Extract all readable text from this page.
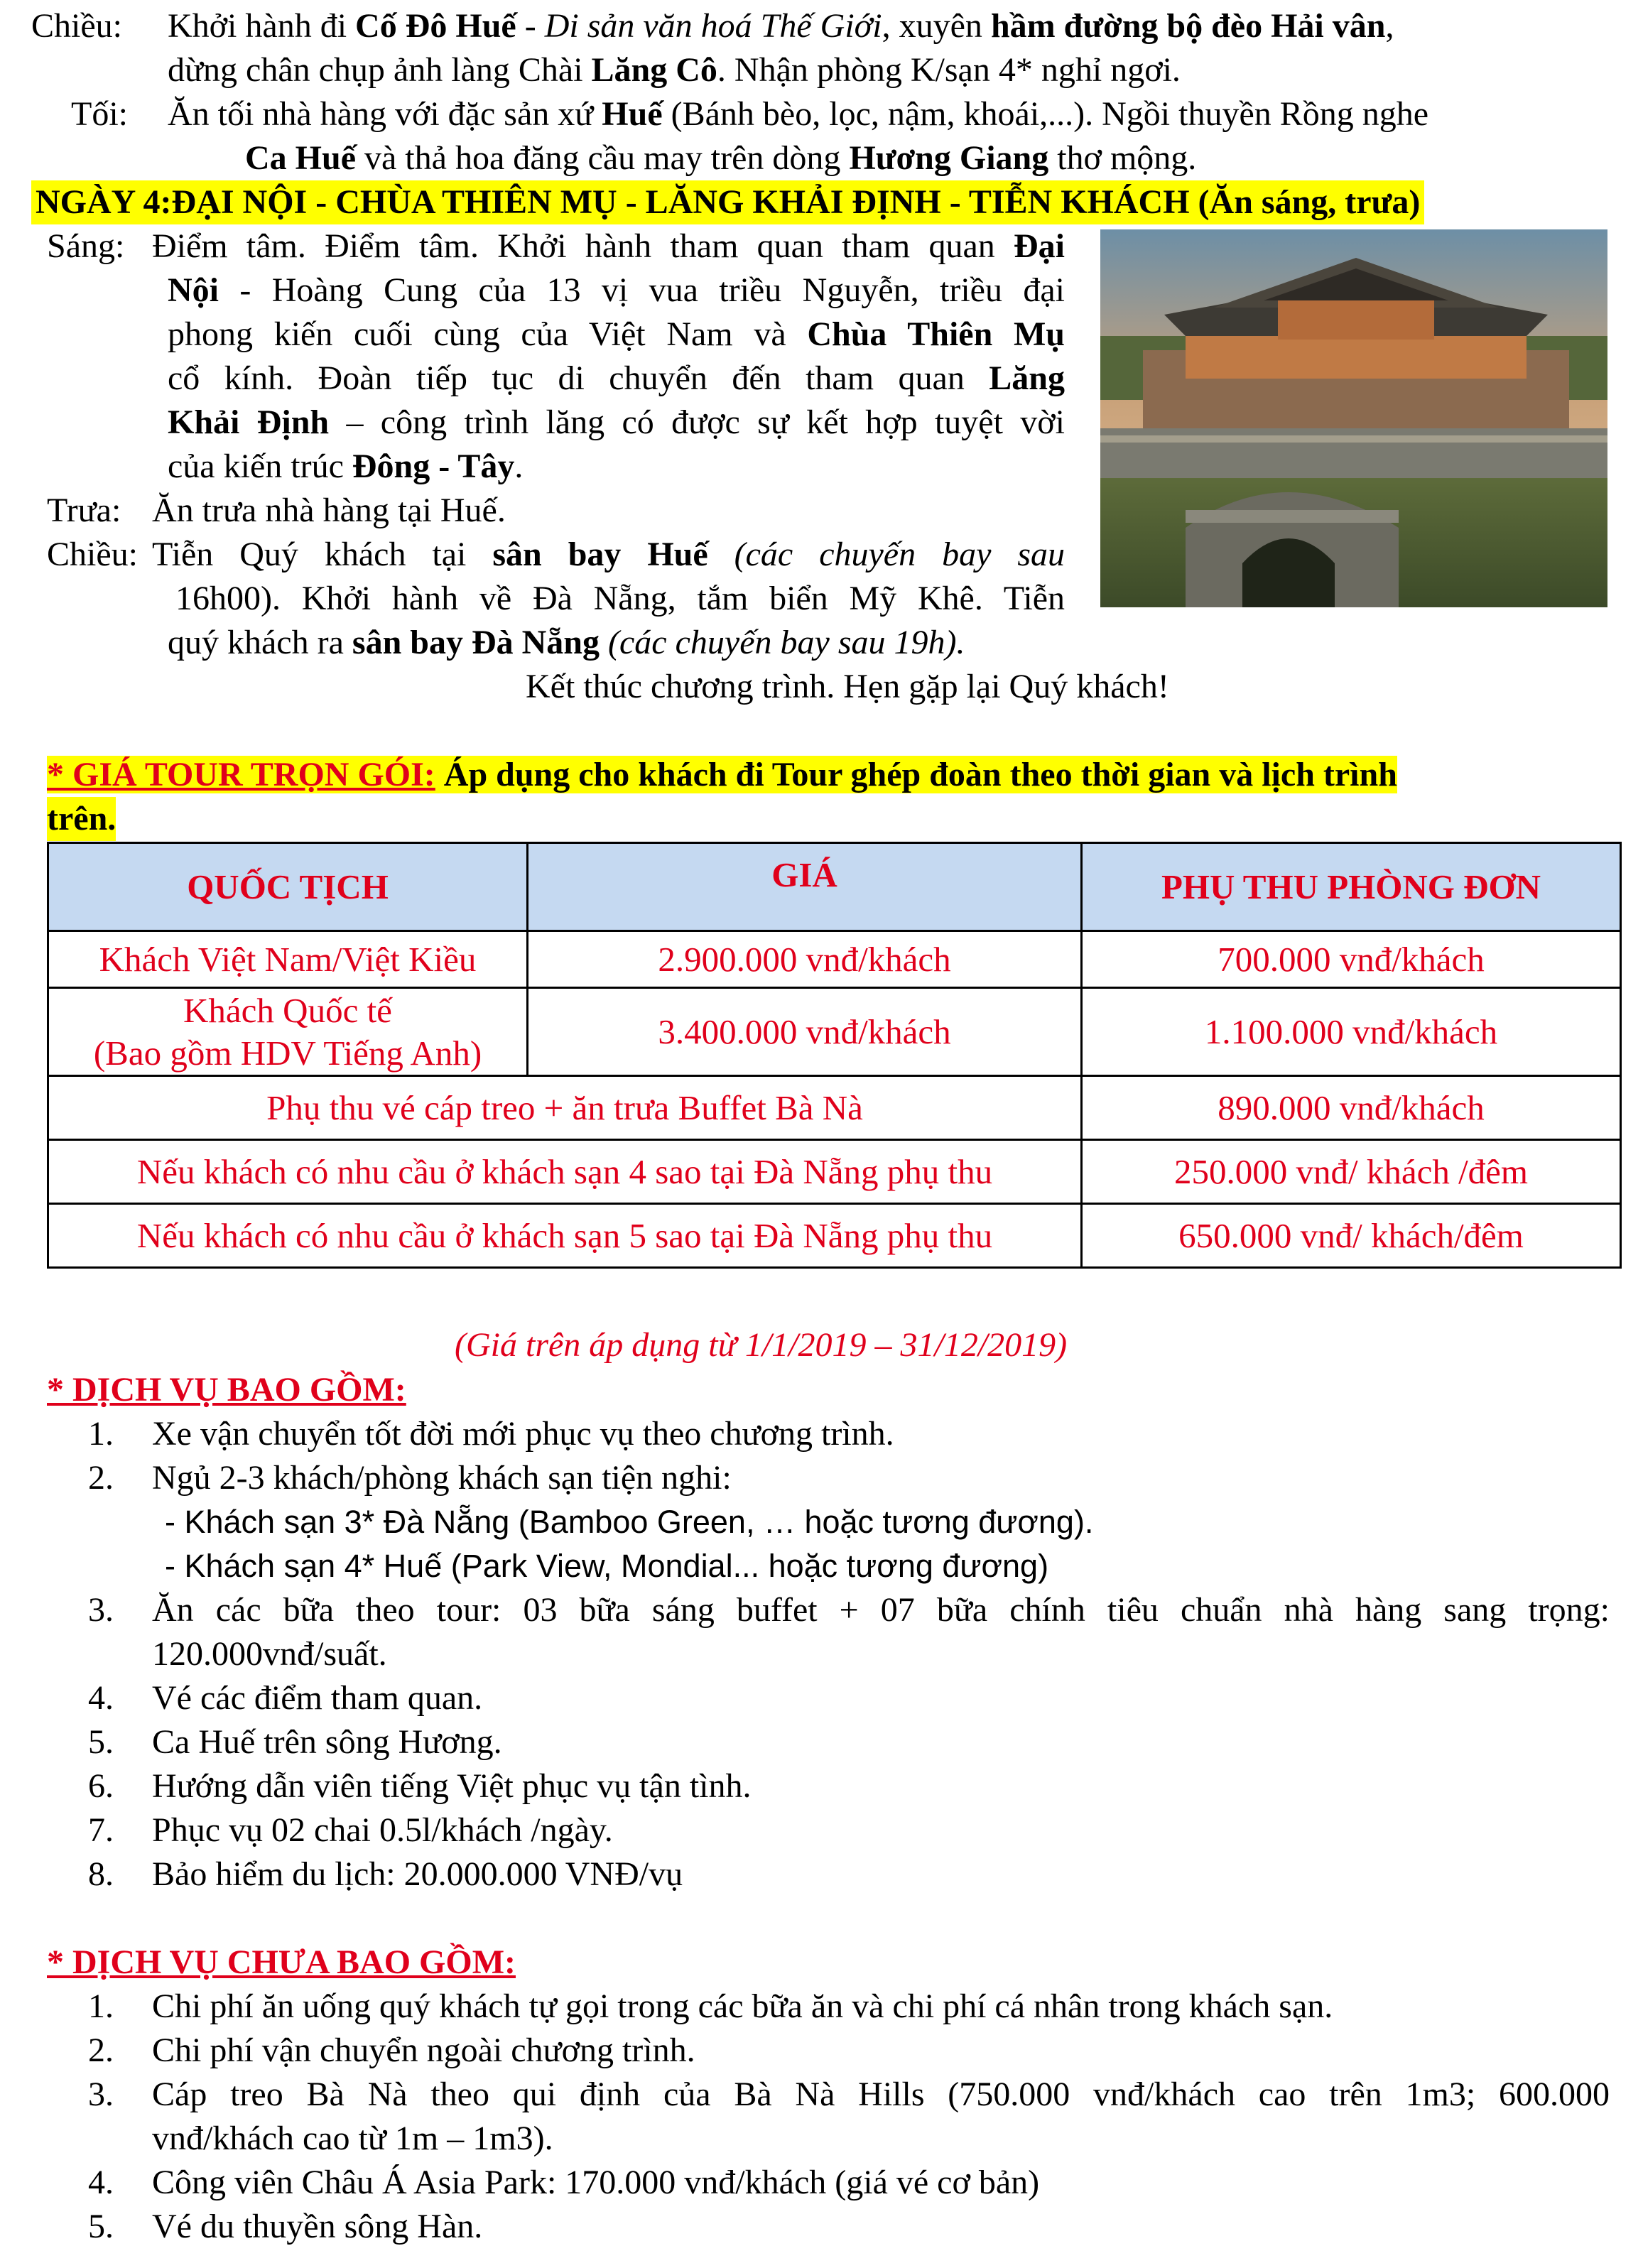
Chiều: Khởi hành đi Cố Đô Huế - Di sản văn hoá Thế Giới, xuyên hầm đường bộ đèo Hải vân,
dừng chân chụp ảnh làng Chài Lăng Cô. Nhận phòng K/sạn 4* nghỉ ngơi.
Tối: Ăn tối nhà hàng với đặc sản xứ Huế (Bánh bèo, lọc, nậm, khoái,...). Ngồi thuyền Rồng nghe
Ca Huế và thả hoa đăng cầu may trên dòng Hương Giang thơ mộng.
NGÀY 4:ĐẠI NỘI - CHÙA THIÊN MỤ - LĂNG KHẢI ĐỊNH - TIỄN KHÁCH (Ăn sáng, trưa)
Sáng: Điểm tâm. Điểm tâm. Khởi hành tham quan tham quan Đại
Nội - Hoàng Cung của 13 vị vua triều Nguyễn, triều đại
phong kiến cuối cùng của Việt Nam và Chùa Thiên Mụ
cổ kính. Đoàn tiếp tục di chuyển đến tham quan Lăng
Khải Định – công trình lăng có được sự kết hợp tuyệt vời
của kiến trúc Đông - Tây.
Trưa: Ăn trưa nhà hàng tại Huế.
Chiều: Tiễn Quý khách tại sân bay Huế (các chuyến bay sau
16h00). Khởi hành về Đà Nẵng, tắm biển Mỹ Khê. Tiễn
quý khách ra sân bay Đà Nẵng (các chuyến bay sau 19h).
Kết thúc chương trình. Hẹn gặp lại Quý khách!
* GIÁ TOUR TRỌN GÓI: Áp dụng cho khách đi Tour ghép đoàn theo thời gian và lịch trình
trên.
QUỐC TỊCH	GIÁ	PHỤ THU PHÒNG ĐƠN
Khách Việt Nam/Việt Kiều	2.900.000 vnđ/khách	700.000 vnđ/khách

Khách Quốc tế
(Bao gồm HDV Tiếng Anh)	3.400.000 vnđ/khách	1.100.000 vnđ/khách
Phụ thu vé cáp treo + ăn trưa Buffet Bà Nà		890.000 vnđ/khách
Nếu khách có nhu cầu ở khách sạn 4 sao tại Đà Nẵng phụ thu		250.000 vnđ/ khách /đêm
Nếu khách có nhu cầu ở khách sạn 5 sao tại Đà Nẵng phụ thu		650.000 vnđ/ khách/đêm
(Giá trên áp dụng từ 1/1/2019 – 31/12/2019)
* DỊCH VỤ BAO GỒM:
1. Xe vận chuyển tốt đời mới phục vụ theo chương trình.
2. Ngủ 2-3 khách/phòng khách sạn tiện nghi:
- Khách sạn 3* Đà Nẵng (Bamboo Green, … hoặc tương đương).
- Khách sạn 4* Huế (Park View, Mondial... hoặc tương đương)
3. Ăn các bữa theo tour: 03 bữa sáng buffet + 07 bữa chính tiêu chuẩn nhà hàng sang trọng:
120.000vnđ/suất.
4. Vé các điểm tham quan.
5. Ca Huế trên sông Hương.
6. Hướng dẫn viên tiếng Việt phục vụ tận tình.
7. Phục vụ 02 chai 0.5l/khách /ngày.
8. Bảo hiểm du lịch: 20.000.000 VNĐ/vụ
* DỊCH VỤ CHƯA BAO GỒM:
1. Chi phí ăn uống quý khách tự gọi trong các bữa ăn và chi phí cá nhân trong khách sạn.
2. Chi phí vận chuyển ngoài chương trình.
3. Cáp treo Bà Nà theo qui định của Bà Nà Hills (750.000 vnđ/khách cao trên 1m3; 600.000
vnđ/khách cao từ 1m – 1m3).
4. Công viên Châu Á Asia Park: 170.000 vnđ/khách (giá vé cơ bản)
5. Vé du thuyền sông Hàn.
